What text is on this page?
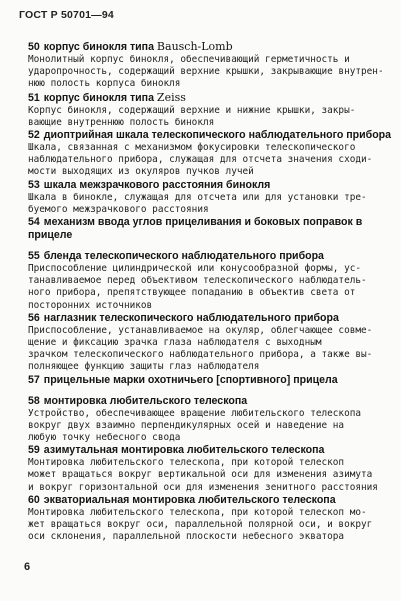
ГОСТ Р 50701—94
50 корпус бинокля типа Bausch-Lomb
Монолитный корпус бинокля, обеспечивающий герметичность и
ударопрочность, содержащий верхние крышки, закрывающие внутрен-
нюю полость корпуса бинокля
51 корпус бинокля типа Zeiss
Корпус бинокля, содержащий верхние и нижние крышки, закры-
вающие внутреннюю полость бинокля
52 диоптрийная шкала телескопического наблюдательного прибора
Шкала, связанная с механизмом фокусировки телескопического
наблюдательного прибора, служащая для отсчета значения сходи-
мости выходящих из окуляров пучков лучей
53 шкала межзрачкового расстояния бинокля
Шкала в бинокле, служащая для отсчета или для установки тре-
буемого межзрачкового расстояния
54 механизм ввода углов прицеливания и боковых поправок в
прицеле
55 бленда телескопического наблюдательного прибора
Приспособление цилиндрической или конусообразной формы, ус-
танавливаемое перед объективом телескопического наблюдатель-
ного прибора, препятствующее попаданию в объектив света от
посторонних источников
56 наглазник телескопического наблюдательного прибора
Приспособление, устанавливаемое на окуляр, облегчающее совме-
щение и фиксацию зрачка глаза наблюдателя с выходным
зрачком телескопического наблюдательного прибора, а также вы-
полняющее функцию защиты глаз наблюдателя
57 прицельные марки охотничьего [спортивного] прицела
58 монтировка любительского телескопа
Устройство, обеспечивающее вращение любительского телескопа
вокруг двух взаимно перпендикулярных осей и наведение на
любую точку небесного свода
59 азимутальная монтировка любительского телескопа
Монтировка любительского телескопа, при которой телескоп
может вращаться вокруг вертикальной оси для изменения азимута
и вокруг горизонтальной оси для изменения зенитного расстояния
60 экваториальная монтировка любительского телескопа
Монтировка любительского телескопа, при которой телескоп мо-
жет вращаться вокруг оси, параллельной полярной оси, и вокруг
оси склонения, параллельной плоскости небесного экватора
6
